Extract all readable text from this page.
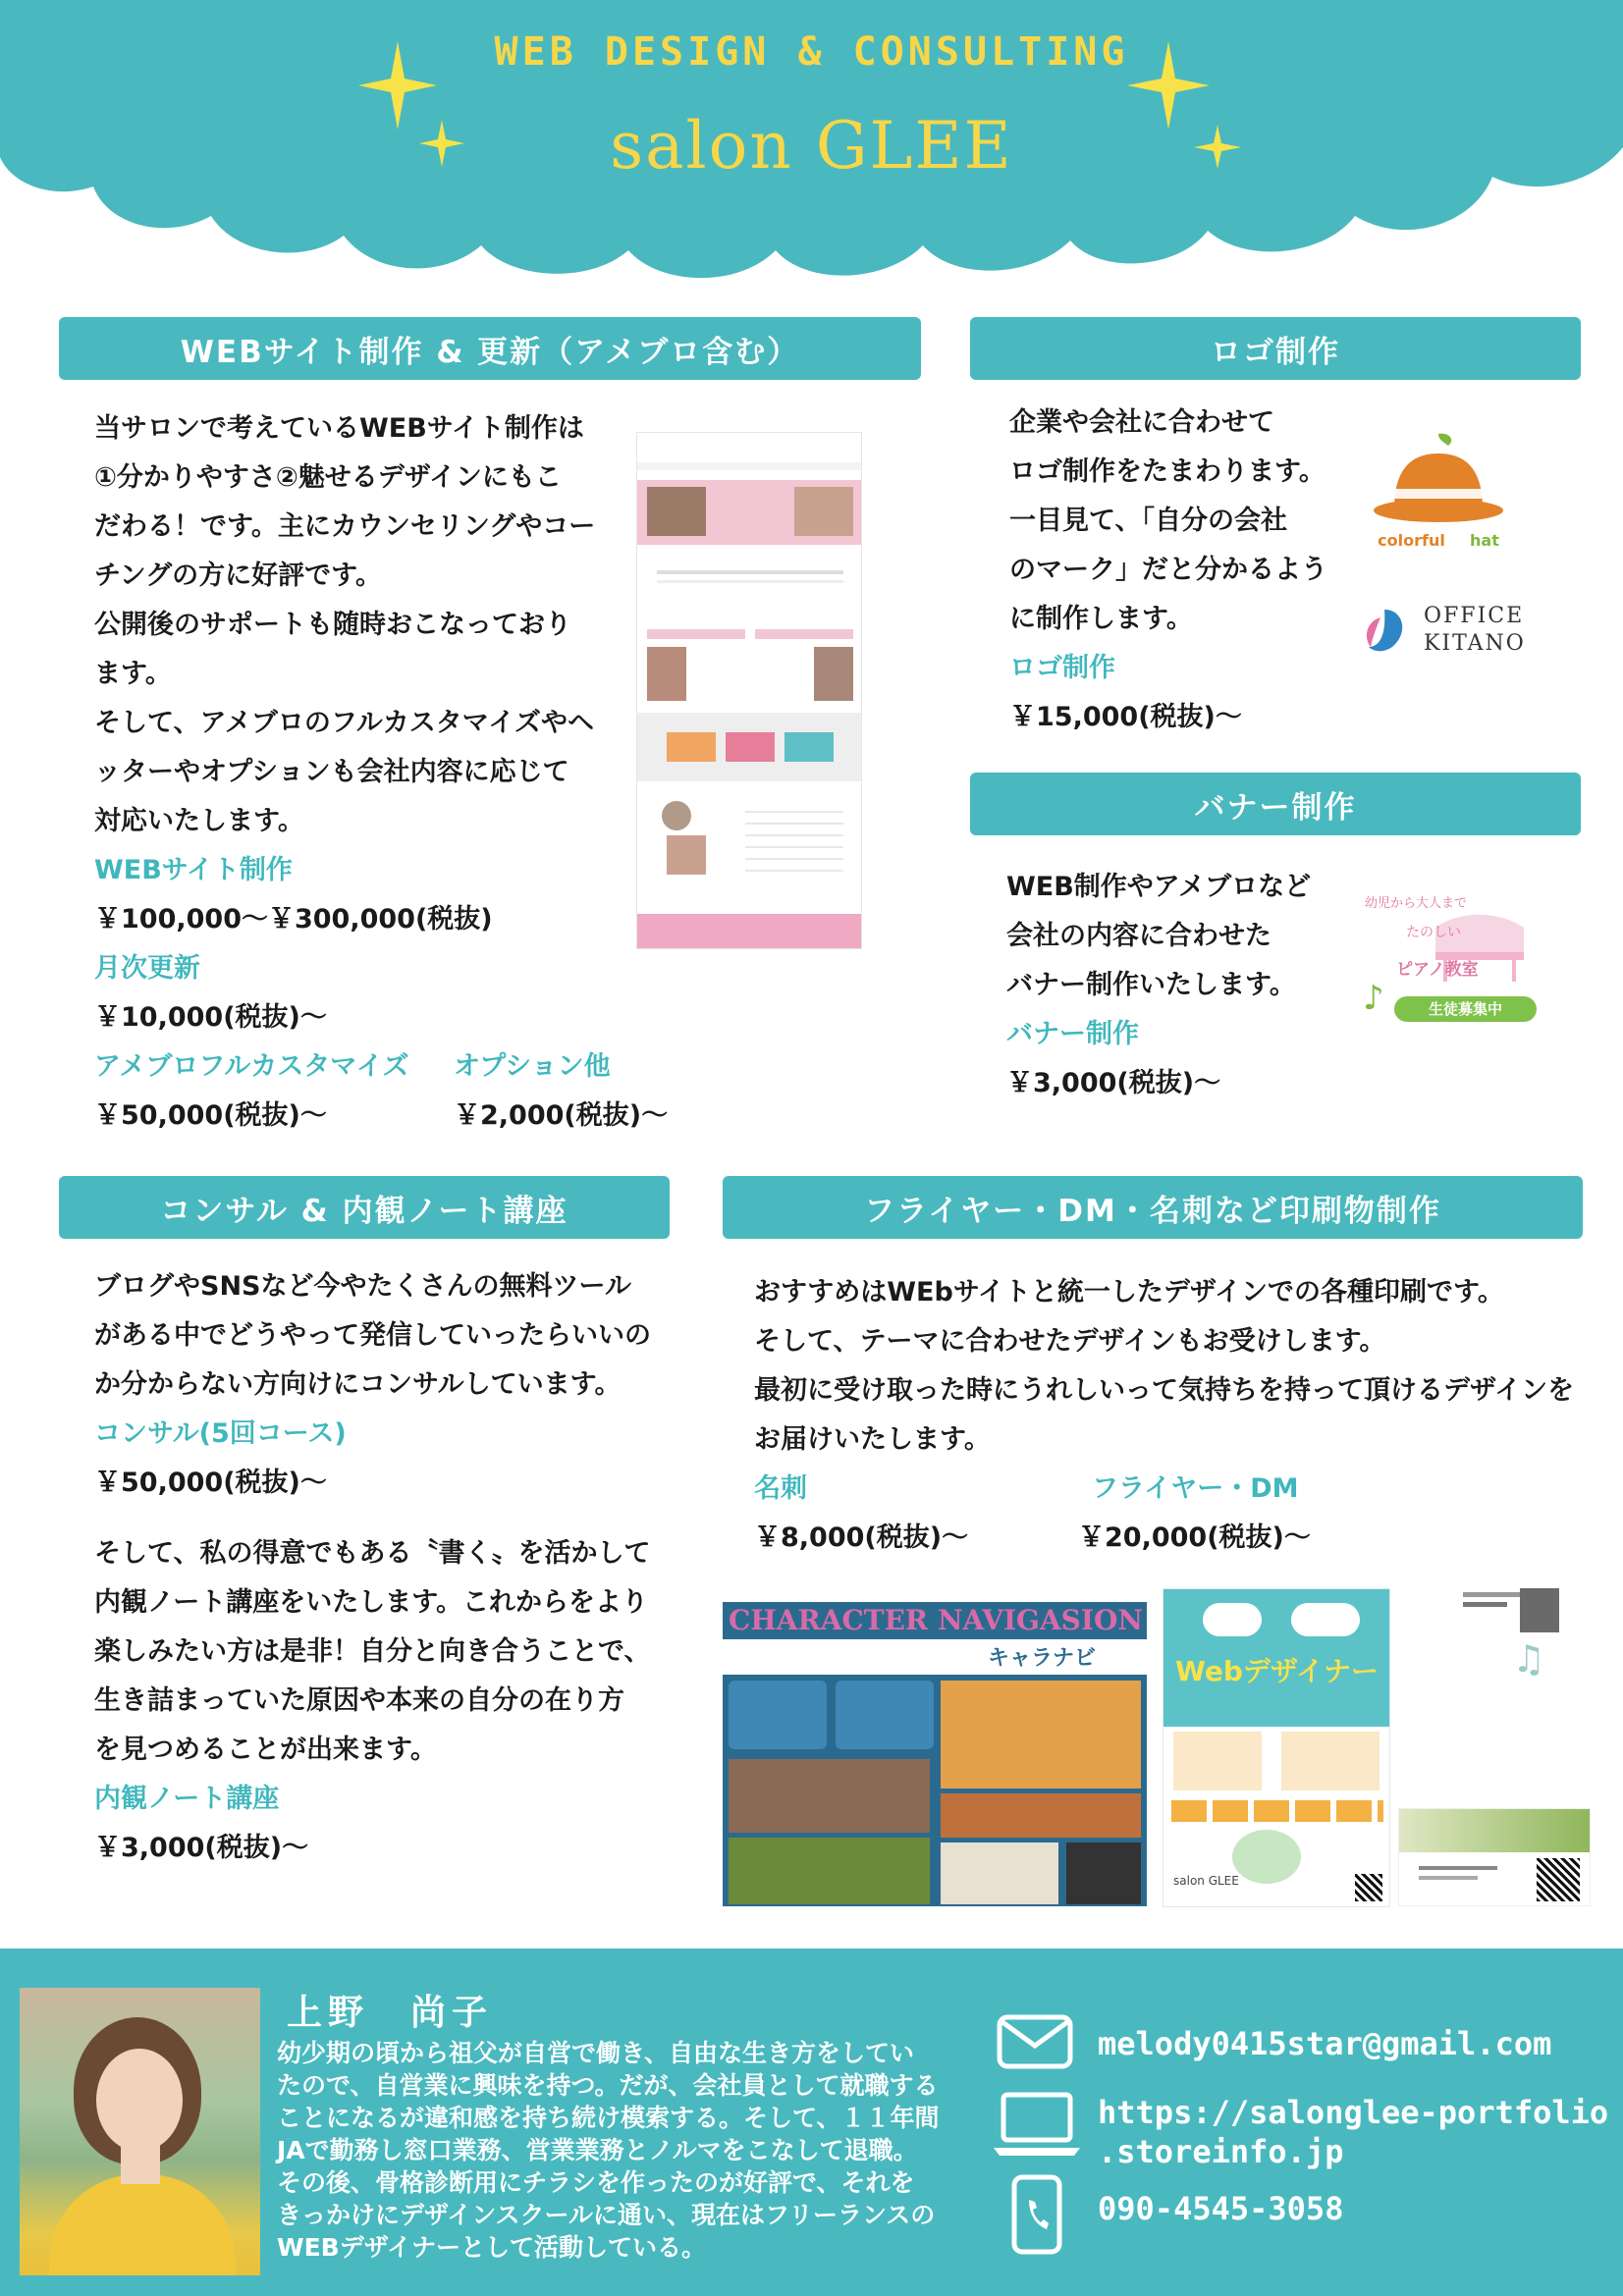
WEB DESIGN & CONSULTING
salon GLEE
WEBサイト制作 & 更新（アメブロ含む）
当サロンで考えているWEBサイト制作は
①分かりやすさ②魅せるデザインにもこ
だわる！です。主にカウンセリングやコー
チングの方に好評です。
公開後のサポートも随時おこなっており
ます。
そして、アメブロのフルカスタマイズやヘ
ッターやオプションも会社内容に応じて
対応いたします。
WEBサイト制作
￥100,000～￥300,000(税抜)
月次更新
￥10,000(税抜)～
アメブロフルカスタマイズ
￥50,000(税抜)～
オプション他
￥2,000(税抜)～
ロゴ制作
企業や会社に合わせて
ロゴ制作をたまわります。
一目見て、「自分の会社
のマーク」だと分かるよう
に制作します。
ロゴ制作
￥15,000(税抜)～
colorful hat
OFFICE
KITANO
バナー制作
WEB制作やアメブロなど
会社の内容に合わせた
バナー制作いたします。
バナー制作
￥3,000(税抜)～
幼児から大人まで
たのしい
ピアノ教室
♪	生徒募集中
コンサル & 内観ノート講座
ブログやSNSなど今やたくさんの無料ツール
がある中でどうやって発信していったらいいの
か分からない方向けにコンサルしています。
コンサル(5回コース)
￥50,000(税抜)～
そして、私の得意でもある〝書く〟を活かして
内観ノート講座をいたします。これからをより
楽しみたい方は是非！自分と向き合うことで、
生き詰まっていた原因や本来の自分の在り方
を見つめることが出来ます。
内観ノート講座
￥3,000(税抜)～
フライヤー・DM・名刺など印刷物制作
おすすめはWEbサイトと統一したデザインでの各種印刷です。
そして、テーマに合わせたデザインもお受けします。
最初に受け取った時にうれしいって気持ちを持って頂けるデザインを
お届けいたします。
名刺
￥8,000(税抜)～
フライヤー・DM
￥20,000(税抜)～
CHARACTER NAVIGASION
キャラナビ	Webデザイナー
salon GLEE
♫
上野　尚子
幼少期の頃から祖父が自営で働き、自由な生き方をしてい
たので、自営業に興味を持つ。だが、会社員として就職する
ことになるが違和感を持ち続け模索する。そして、１１年間
JAで勤務し窓口業務、営業業務とノルマをこなして退職。
その後、骨格診断用にチラシを作ったのが好評で、それを
きっかけにデザインスクールに通い、現在はフリーランスの
WEBデザイナーとして活動している。
melody0415star@gmail.com
https://salonglee-portfolio
.storeinfo.jp
090-4545-3058
